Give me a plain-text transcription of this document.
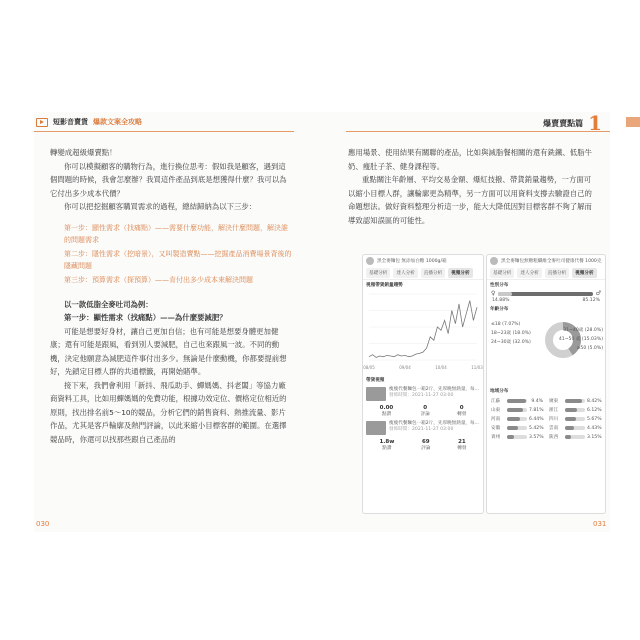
短影音賣貨 爆款文案全攻略	爆賣賣點篇 1

轉變成超級爆賣點！

你可以模擬顧客的購物行為，進行換位思考：假如我是顧客，遇到這個問題的時候，我會怎麼辦？我買這件產品到底是想獲得什麼？我可以為它付出多少成本代價？

你可以把挖掘顧客購買需求的過程，總結歸納為以下三步：

第一步：顯性需求（找痛點）——需要什麼功能，解決什麼問題，解決誰的問題需求

第二步：隱性需求（挖暗景），又叫製造賣點——挖掘產品消費場景背後的隱藏問題

第三步：預算需求（探預算）——肯付出多少成本來解決問題

以一款低脂全麥吐司為例：

第一步：顯性需求（找痛點）——為什麼要減肥？

可能是想要好身材，讓自己更加自信；也有可能是想要身體更加健康；還有可能是跟風，看到別人要減肥，自己也來跟風一波。不同的動機，決定他願意為減肥這件事付出多少。無論是什麼動機，你都要提前想好，先鎖定目標人群的共通標籤，再開始賭準。

接下來，我們會利用「新抖、飛瓜助手、蟬媽媽、抖老闆」等協力廠商資料工具，比如用蟬媽媽的免費功能，根據功效定位、價格定位相近的原則，找出排名前5～10的競品，分析它們的銷售資料、熱推流量、影片作品，尤其是客戶輪廓及熱門評論，以此來縮小目標客群的範圍。在選擇競品時，你還可以找那些跟自己產品的

030

應用場景、使用結果有關聯的產品，比如與減脂餐相關的還有銑鐵、低脂牛奶、瘦肚子茶、健身課程等。

重點關注年齡層、平均交易金額、爆紅技撥、帶貨銷量趨勢，一方面可以縮小目標人群，讓輪廓更為精準，另一方面可以用資料支撐去驗證自己的命題想法。做好資料整理分析這一步，能大大降低因對目標客群不夠了解而導致認知誤區的可能性。

031
黑全麥麵包 無添加白糖 1000g/箱
基礎分析	達人分析	直播分析	視頻分析
視頻帶貨銷量趨勢
08/05	09/04	10/04	11/03
帶貨視頻
瘦瘦代餐麵包一箱2斤，先厚晚無熱量，每...
發佈時間：2021-11-27 03:00
0.00
點讚
0
評論
0
轉發
瘦瘦代餐麵包一箱2斤，先厚晚無熱量，每...
發佈時間：2021-11-27 03:00
1.8w
點讚
69
評論
21
轉發
黑全麥麵包無糖粗纖維全麥吐司健康代餐 1000克
基礎分析	達人分析	直播分析	視頻分析
性別分布
♀	♂
14.88%	85.12%
年齡分布
≤18 (7.07%)
18~23歲 (18.0%)
24~30歲 (32.0%)
31~40歲 (28.0%)
41~50 歲 (15.03%)
≥50 (5.0%)
地域分布
江蘇	9.4% 廣東	8.42%
山東	7.81% 浙江	6.12%
河南	6.44% 四川	5.67%
安徽	5.42% 雲南	4.43%
貴州	3.57% 陝西	3.15%
